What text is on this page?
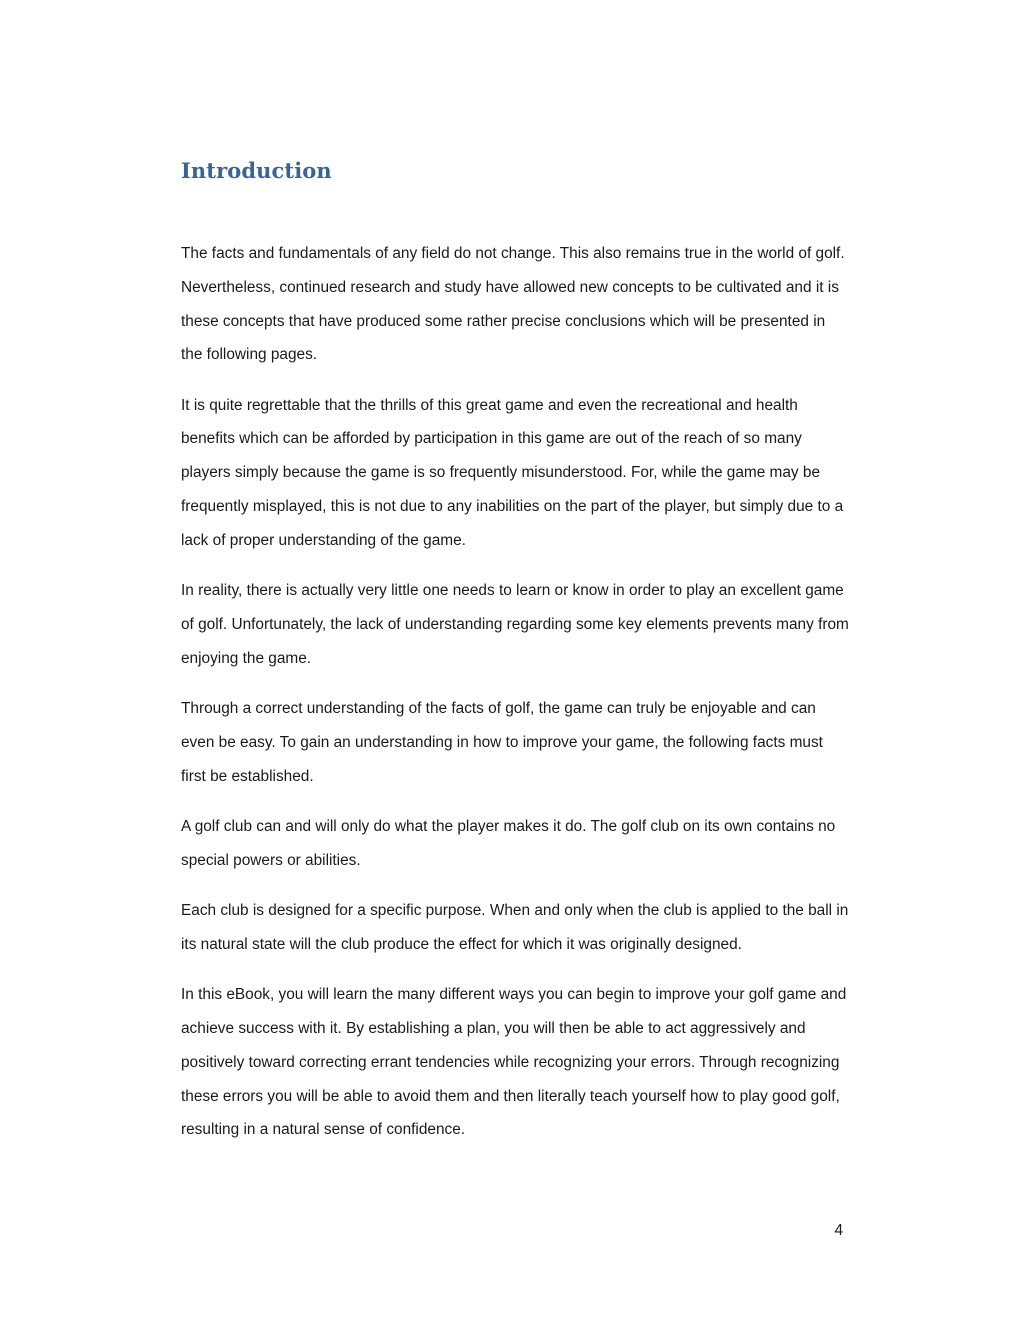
Introduction

The facts and fundamentals of any field do not change. This also remains true in the world of golf. Nevertheless, continued research and study have allowed new concepts to be cultivated and it is these concepts that have produced some rather precise conclusions which will be presented in the following pages.

It is quite regrettable that the thrills of this great game and even the recreational and health benefits which can be afforded by participation in this game are out of the reach of so many players simply because the game is so frequently misunderstood. For, while the game may be frequently misplayed, this is not due to any inabilities on the part of the player, but simply due to a lack of proper understanding of the game.

In reality, there is actually very little one needs to learn or know in order to play an excellent game of golf. Unfortunately, the lack of understanding regarding some key elements prevents many from enjoying the game.

Through a correct understanding of the facts of golf, the game can truly be enjoyable and can even be easy. To gain an understanding in how to improve your game, the following facts must first be established.

A golf club can and will only do what the player makes it do. The golf club on its own contains no special powers or abilities.

Each club is designed for a specific purpose. When and only when the club is applied to the ball in its natural state will the club produce the effect for which it was originally designed.

In this eBook, you will learn the many different ways you can begin to improve your golf game and achieve success with it. By establishing a plan, you will then be able to act aggressively and positively toward correcting errant tendencies while recognizing your errors. Through recognizing these errors you will be able to avoid them and then literally teach yourself how to play good golf, resulting in a natural sense of confidence.

4
